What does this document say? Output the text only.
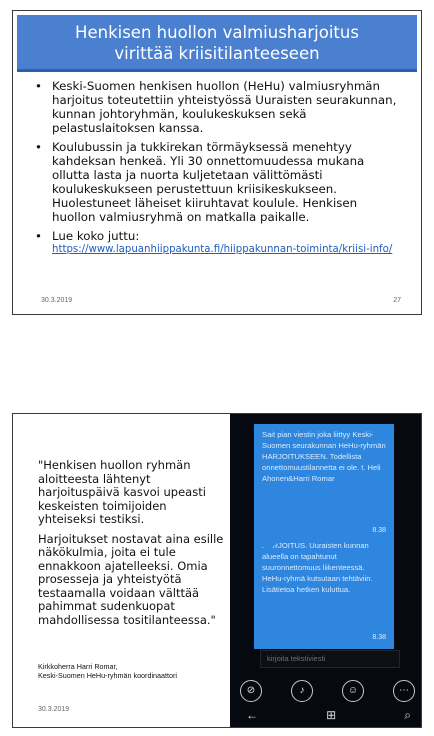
Henkisen huollon valmiusharjoitus
virittää kriisitilanteeseen
• Keski-Suomen henkisen huollon (HeHu) valmiusryhmän harjoitus toteutettiin yhteistyössä Uuraisten seurakunnan, kunnan johtoryhmän, koulukeskuksen sekä pelastuslaitoksen kanssa.
• Koulubussin ja tukkirekan törmäyksessä menehtyy kahdeksan henkeä. Yli 30 onnettomuudessa mukana ollutta lasta ja nuorta kuljetetaan välittömästi koulukeskukseen perustettuun kriisikeskukseen. Huolestuneet läheiset kiiruhtavat koulule. Henkisen huollon valmiusryhmä on matkalla paikalle.
• Lue koko juttu:
https://www.lapuanhiippakunta.fi/hiippakunnan-toiminta/kriisi-info/
30.3.2019	27

"Henkisen huollon ryhmän aloitteesta lähtenyt harjoituspäivä kasvoi upeasti keskeisten toimijoiden yhteiseksi testiksi.

Harjoitukset nostavat aina esille näkökulmia, joita ei tule ennakkoon ajatelleeksi. Omia prosesseja ja yhteistyötä testaamalla voidaan välttää pahimmat sudenkuopat mahdollisessa tositilanteessa."

Kirkkoherra Harri Romar,
Keski-Suomen HeHu-ryhmän koordinaattori
30.3.2019
Sait pian viestin joka liittyy Keski-Suomen seurakunnan HeHu-ryhmän HARJOITUKSEEN. Todellista onnettomuustilannetta ei ole. t. Heli Ahonen&Harri Romar
8.38
HARJOITUS. Uuraisten kunnan alueella on tapahtunut suuronnettomuus liikenteessä. HeHu-ryhmä kutsutaan tehtäviin. Lisätietoa hetken kuluttua.
8.38
kirjoita tekstiviesti
⊘	♪	☺	⋯
←	⊞	⌕
